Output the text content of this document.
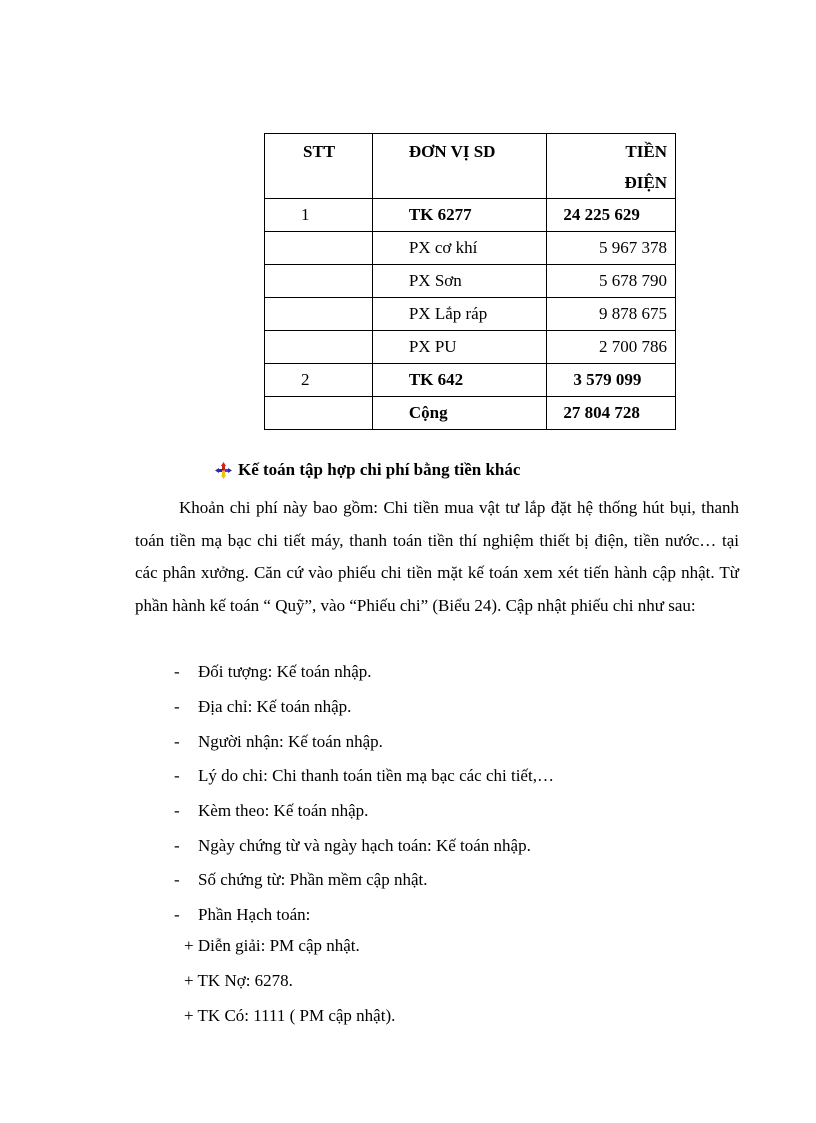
STT	ĐƠN VỊ SD	TIỀN
ĐIỆN

1	TK 6277	24 225 629
	PX cơ khí	5 967 378
	PX Sơn	5 678 790
	PX Lắp ráp	9 878 675
	PX PU	2 700 786
2	TK 642	3 579 099
	Cộng	27 804 728
Kế toán tập hợp chi phí bằng tiền khác

Khoản chi phí này bao gồm: Chi tiền mua vật tư lắp đặt hệ thống hút bụi, thanh toán tiền mạ bạc chi tiết máy, thanh toán tiền thí nghiệm thiết bị điện, tiền nước… tại các phân xưởng. Căn cứ vào phiếu chi tiền mặt kế toán xem xét tiến hành cập nhật. Từ phần hành kế toán “ Quỹ”, vào “Phiếu chi” (Biểu 24). Cập nhật phiếu chi như sau:

-	Đối tượng: Kế toán nhập.
-	Địa chỉ: Kế toán nhập.
-	Người nhận: Kế toán nhập.
-	Lý do chi: Chi thanh toán tiền mạ bạc các chi tiết,…
-	Kèm theo: Kế toán nhập.
-	Ngày chứng từ và ngày hạch toán: Kế toán nhập.
-	Số chứng từ: Phần mềm cập nhật.
-	Phần Hạch toán:
+ Diễn giải: PM cập nhật.
+ TK Nợ: 6278.
+ TK Có: 1111 ( PM cập nhật).
